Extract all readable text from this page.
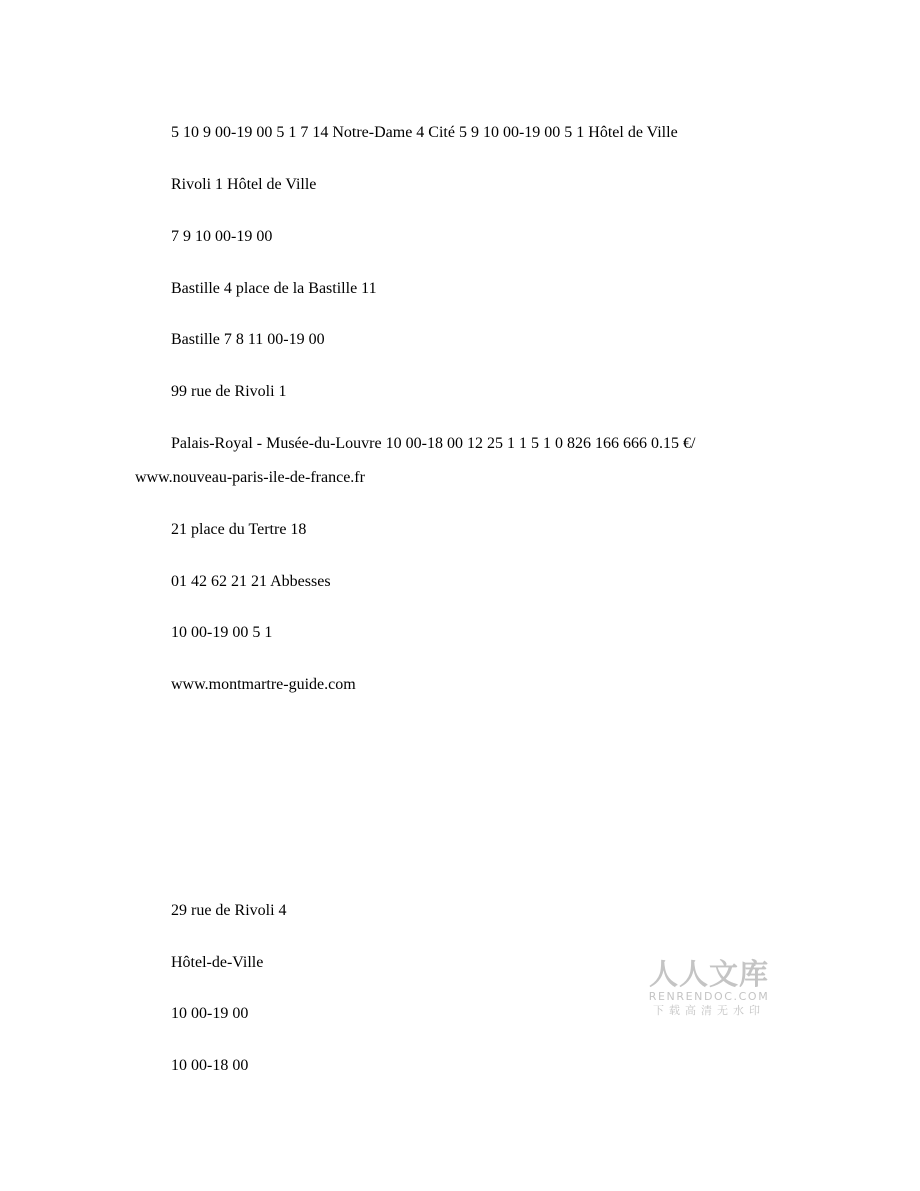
5 10 9 00-19 00 5 1 7 14 Notre-Dame 4 Cité 5 9 10 00-19 00 5 1 Hôtel de Ville
Rivoli 1 Hôtel de Ville
7 9 10 00-19 00
Bastille 4 place de la Bastille 11
Bastille 7 8 11 00-19 00
99 rue de Rivoli 1
Palais-Royal - Musée-du-Louvre 10 00-18 00 12 25 1 1 5 1 0 826 166 666 0.15 €/
www.nouveau-paris-ile-de-france.fr
21 place du Tertre 18
01 42 62 21 21 Abbesses
10 00-19 00 5 1
www.montmartre-guide.com
29 rue de Rivoli 4
Hôtel-de-Ville
10 00-19 00
10 00-18 00
人人文库
RENRENDOC.COM
下载高清无水印
